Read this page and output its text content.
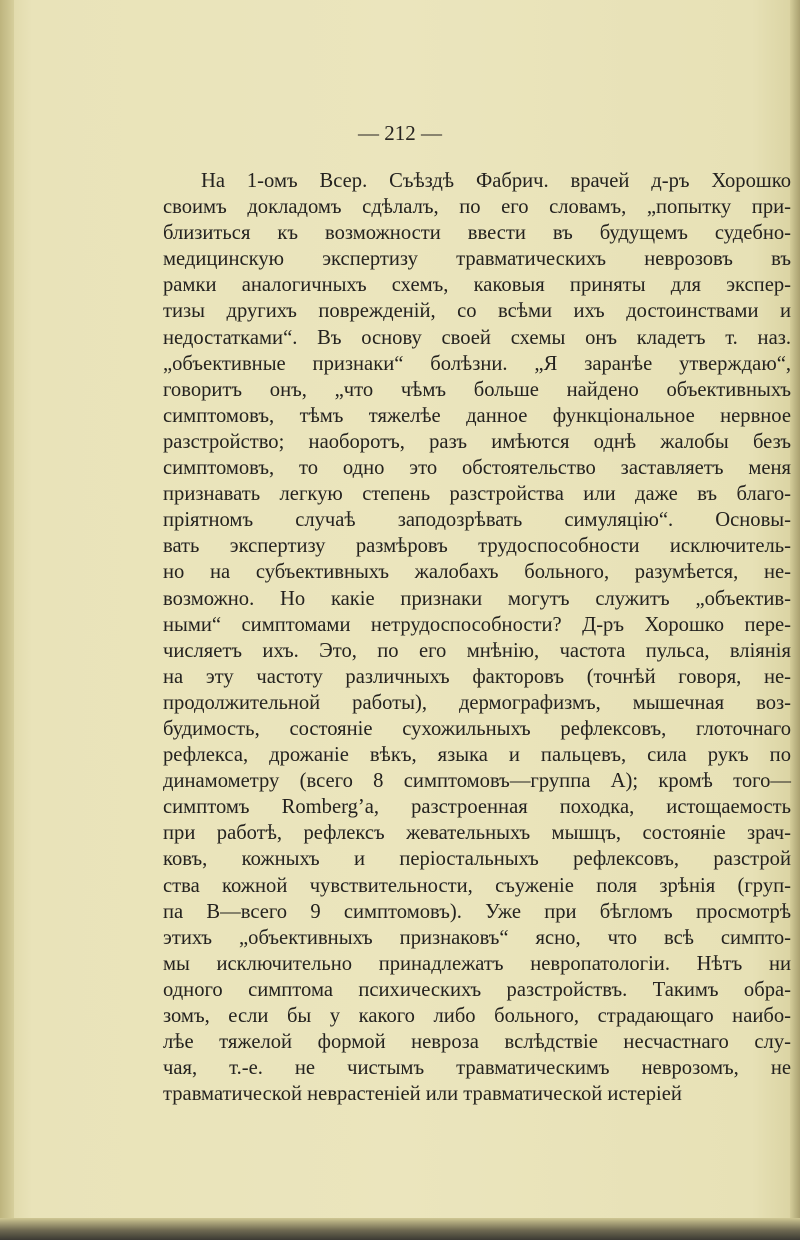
— 212 —
На 1-омъ Всер. Съѣздѣ Фабрич. врачей д-ръ Хорошко
своимъ докладомъ сдѣлалъ, по его словамъ, „попытку при-
близиться къ возможности ввести въ будущемъ судебно-
медицинскую экспертизу травматическихъ неврозовъ въ
рамки аналогичныхъ схемъ, каковыя приняты для экспер-
тизы другихъ поврежденій, со всѣми ихъ достоинствами и
недостатками“. Въ основу своей схемы онъ кладетъ т. наз.
„объективные признаки“ болѣзни. „Я заранѣе утверждаю“,
говоритъ онъ, „что чѣмъ больше найдено объективныхъ
симптомовъ, тѣмъ тяжелѣе данное функціональное нервное
разстройство; наоборотъ, разъ имѣются однѣ жалобы безъ
симптомовъ, то одно это обстоятельство заставляетъ меня
признавать легкую степень разстройства или даже въ благо-
пріятномъ случаѣ заподозрѣвать симуляцію“. Основы-
вать экспертизу размѣровъ трудоспособности исключитель-
но на субъективныхъ жалобахъ больного, разумѣется, не-
возможно. Но какіе признаки могутъ служитъ „объектив-
ными“ симптомами нетрудоспособности? Д-ръ Хорошко пере-
числяетъ ихъ. Это, по его мнѣнію, частота пульса, вліянія
на эту частоту различныхъ факторовъ (точнѣй говоря, не-
продолжительной работы), дермографизмъ, мышечная воз-
будимость, состояніе сухожильныхъ рефлексовъ, глоточнаго
рефлекса, дрожаніе вѣкъ, языка и пальцевъ, сила рукъ по
динамометру (всего 8 симптомовъ—группа А); кромѣ того—
симптомъ Romberg’a, разстроенная походка, истощаемость
при работѣ, рефлексъ жевательныхъ мышцъ, состояніе зрач-
ковъ, кожныхъ и періостальныхъ рефлексовъ, разстрой
ства кожной чувствительности, съуженіе поля зрѣнія (груп-
па В—всего 9 симптомовъ). Уже при бѣгломъ просмотрѣ
этихъ „объективныхъ признаковъ“ ясно, что всѣ симпто-
мы исключительно принадлежатъ невропатологіи. Нѣтъ ни
одного симптома психическихъ разстройствъ. Такимъ обра-
зомъ, если бы у какого либо больного, страдающаго наибо-
лѣе тяжелой формой невроза вслѣдствіе несчастнаго слу-
чая, т.-е. не чистымъ травматическимъ неврозомъ, не
травматической неврастеніей или травматической истеріей
